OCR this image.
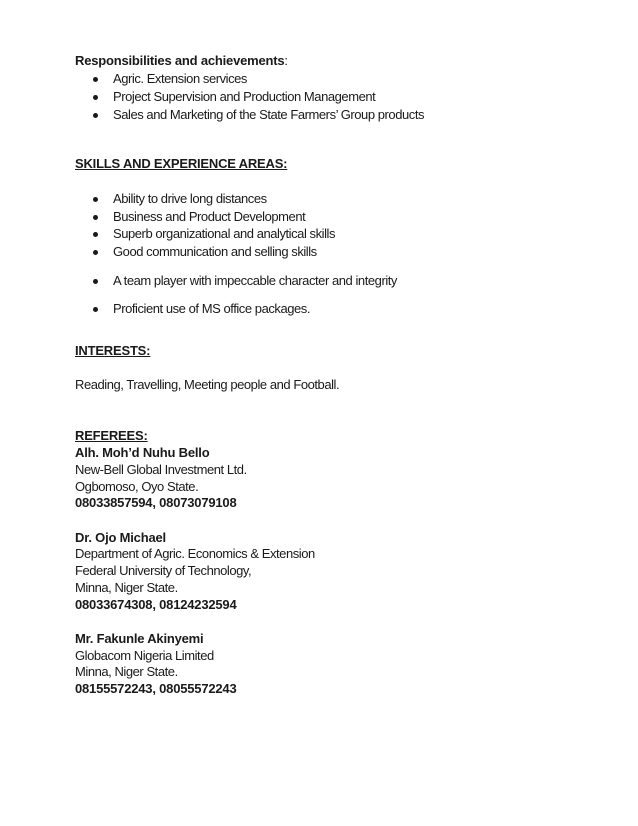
Responsibilities and achievements:
Agric. Extension services
Project Supervision and Production Management
Sales and Marketing of the State Farmers’ Group products
SKILLS AND EXPERIENCE AREAS:
Ability to drive long distances
Business and Product Development
Superb organizational and analytical skills
Good communication and selling skills
A team player with impeccable character and integrity
Proficient use of MS office packages.
INTERESTS:
Reading, Travelling, Meeting people and Football.
REFEREES:
Alh. Moh’d Nuhu Bello
New-Bell Global Investment Ltd.
Ogbomoso, Oyo State.
08033857594, 08073079108
Dr. Ojo Michael
Department of Agric. Economics & Extension
Federal University of Technology,
Minna, Niger State.
08033674308, 08124232594
Mr. Fakunle Akinyemi
Globacom Nigeria Limited
Minna, Niger State.
08155572243, 08055572243
